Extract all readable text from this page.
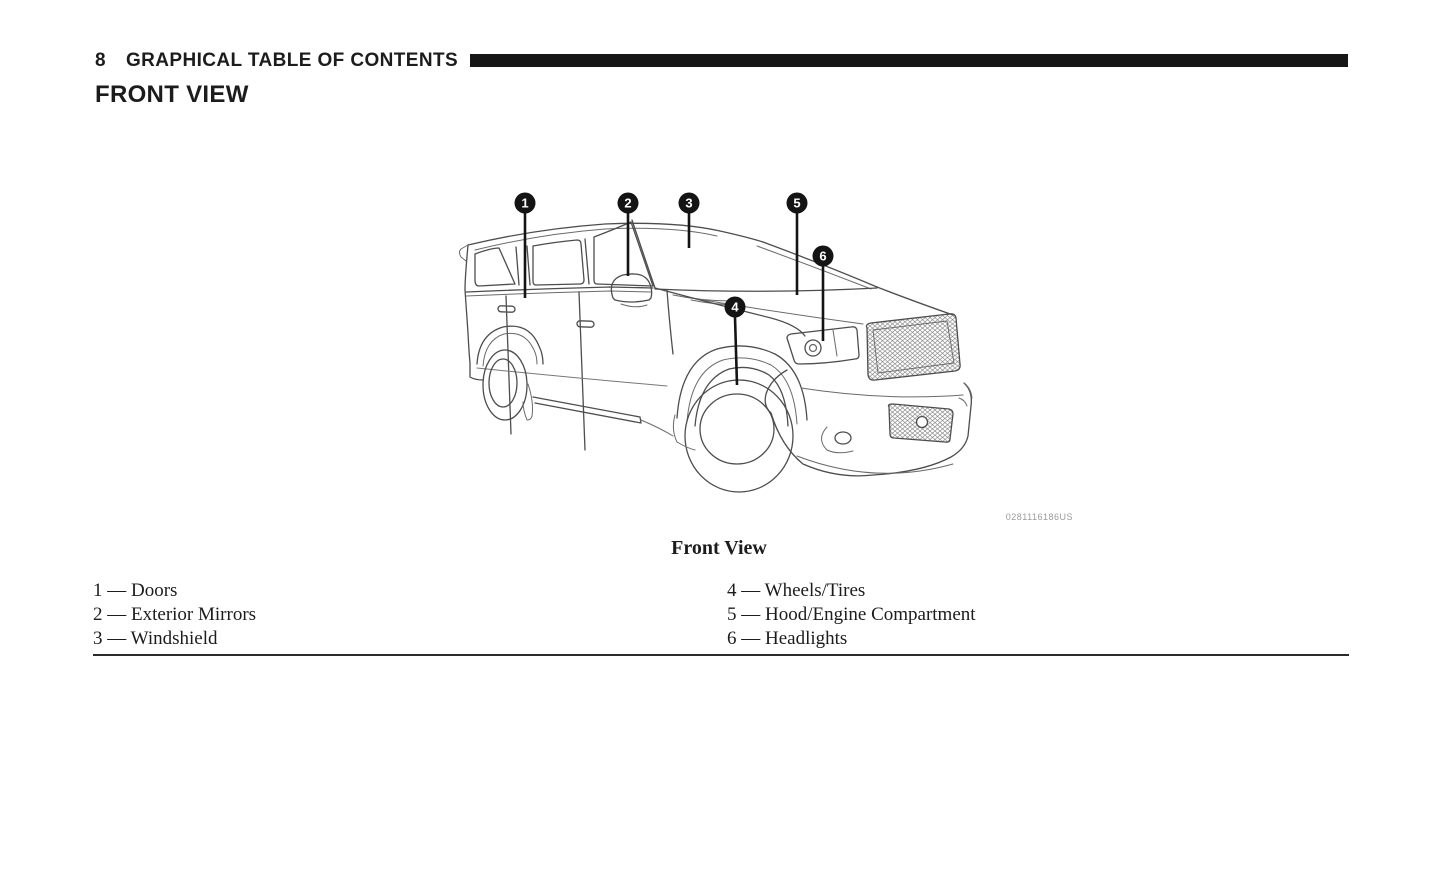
8 GRAPHICAL TABLE OF CONTENTS
FRONT VIEW
1	2	3	5
6
4
0281116186US
Front View
1 — Doors
2 — Exterior Mirrors
3 — Windshield
4 — Wheels/Tires
5 — Hood/Engine Compartment
6 — Headlights
